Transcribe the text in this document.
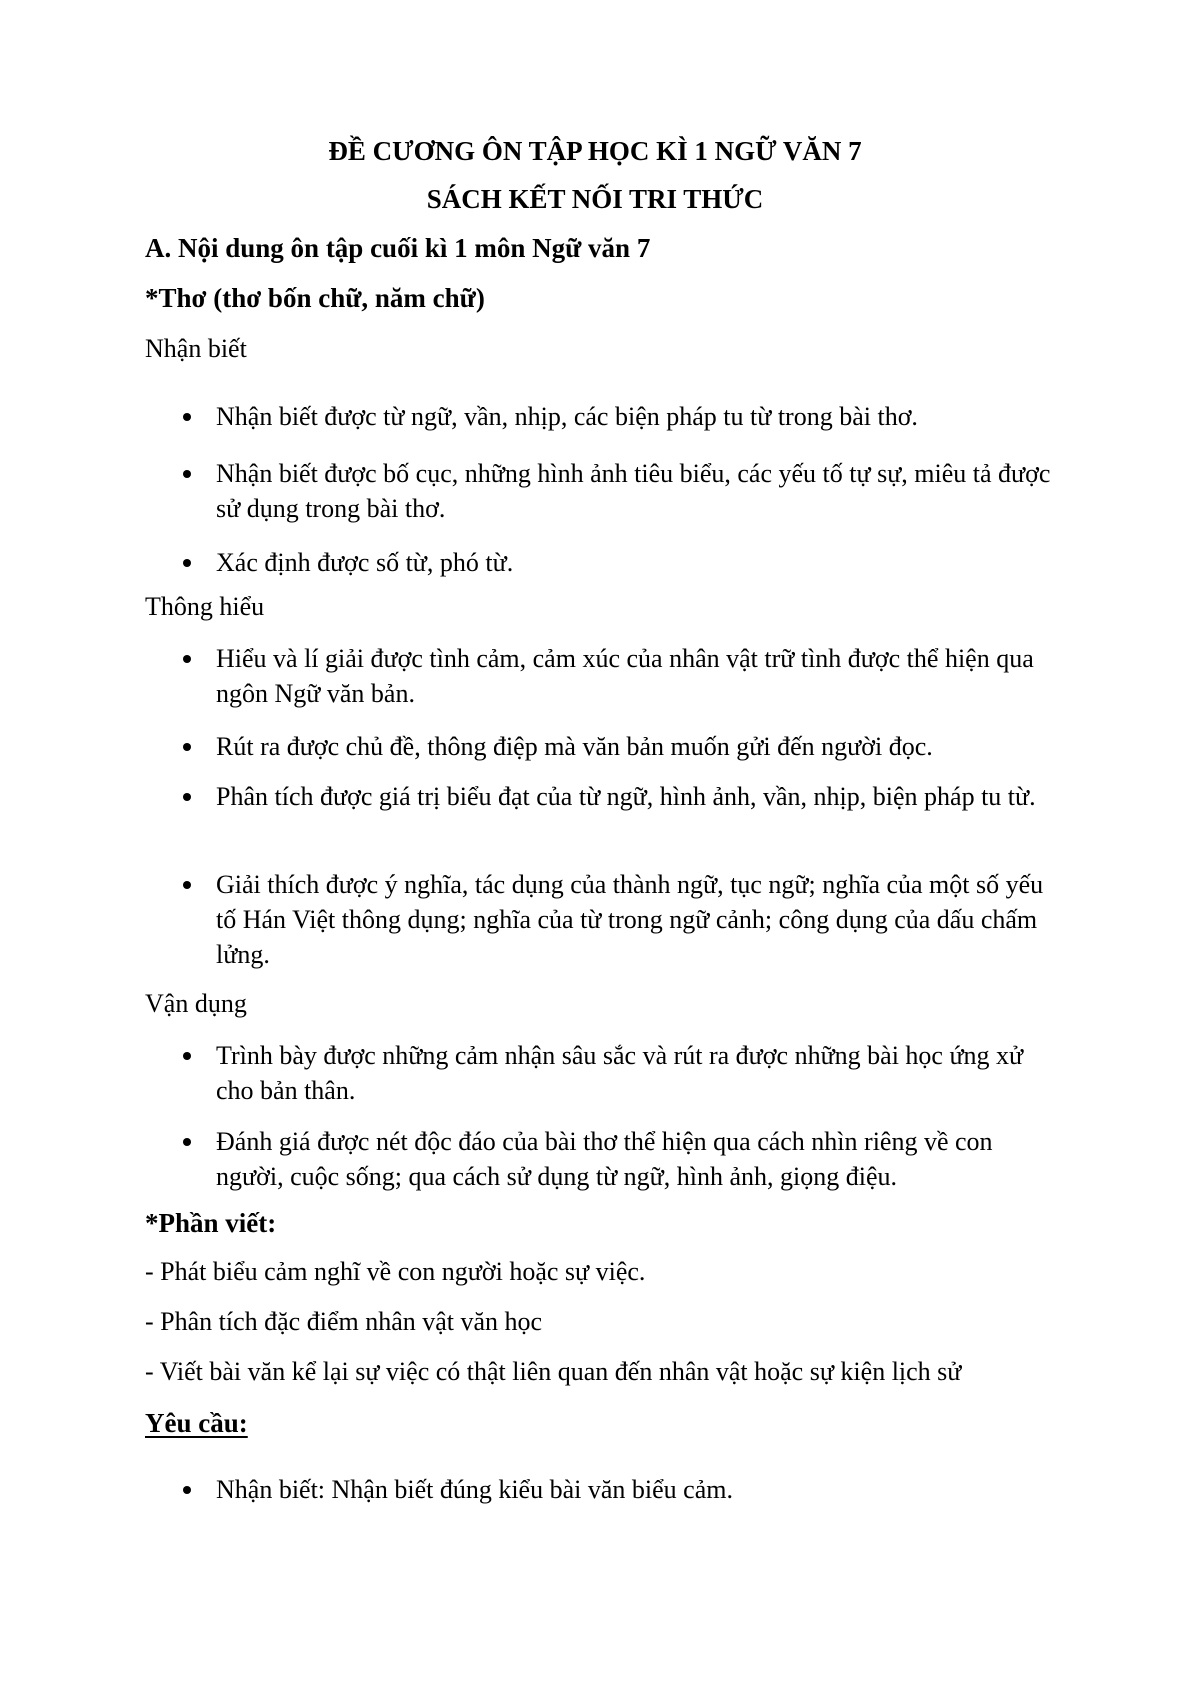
ĐỀ CƯƠNG ÔN TẬP HỌC KÌ 1 NGỮ VĂN 7
SÁCH KẾT NỐI TRI THỨC
A. Nội dung ôn tập cuối kì 1 môn Ngữ văn 7
*Thơ (thơ bốn chữ, năm chữ)
Nhận biết
Nhận biết được từ ngữ, vần, nhịp, các biện pháp tu từ trong bài thơ.
Nhận biết được bố cục, những hình ảnh tiêu biểu, các yếu tố tự sự, miêu tả được sử dụng trong bài thơ.
Xác định được số từ, phó từ.
Thông hiểu
Hiểu và lí giải được tình cảm, cảm xúc của nhân vật trữ tình được thể hiện qua ngôn Ngữ văn bản.
Rút ra được chủ đề, thông điệp mà văn bản muốn gửi đến người đọc.
Phân tích được giá trị biểu đạt của từ ngữ, hình ảnh, vần, nhịp, biện pháp tu từ.
Giải thích được ý nghĩa, tác dụng của thành ngữ, tục ngữ; nghĩa của một số yếu tố Hán Việt thông dụng; nghĩa của từ trong ngữ cảnh; công dụng của dấu chấm lửng.
Vận dụng
Trình bày được những cảm nhận sâu sắc và rút ra được những bài học ứng xử cho bản thân.
Đánh giá được nét độc đáo của bài thơ thể hiện qua cách nhìn riêng về con người, cuộc sống; qua cách sử dụng từ ngữ, hình ảnh, giọng điệu.
*Phần viết:
- Phát biểu cảm nghĩ về con người hoặc sự việc.
- Phân tích đặc điểm nhân vật văn học
- Viết bài văn kể lại sự việc có thật liên quan đến nhân vật hoặc sự kiện lịch sử
Yêu cầu:
Nhận biết: Nhận biết đúng kiểu bài văn biểu cảm.
